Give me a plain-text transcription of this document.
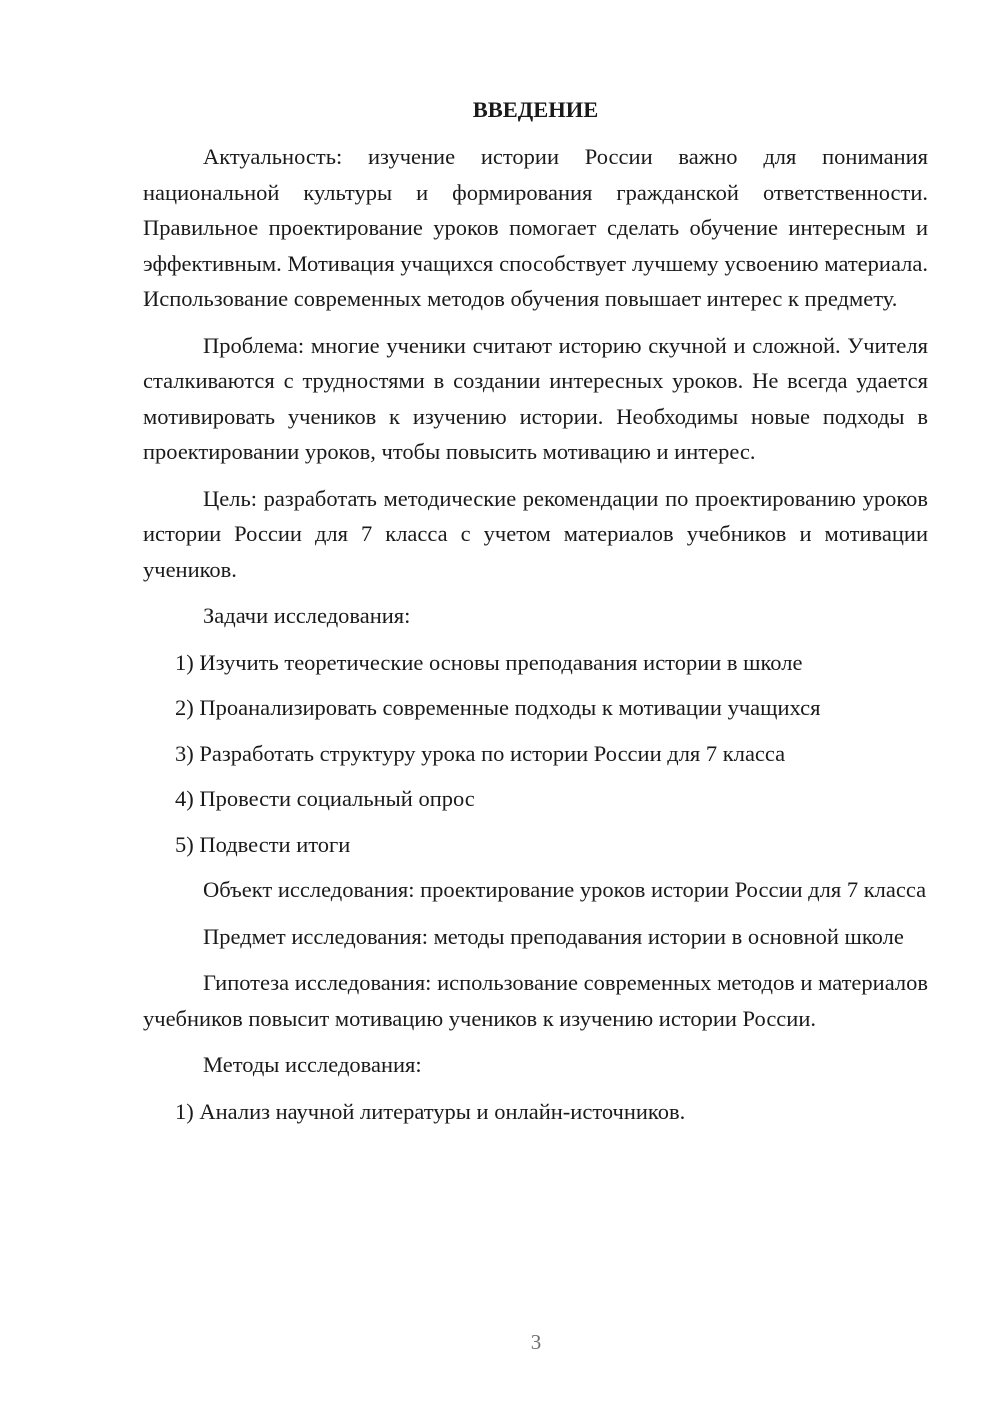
ВВЕДЕНИЕ

Актуальность: изучение истории России важно для понимания национальной культуры и формирования гражданской ответственности. Правильное проектирование уроков помогает сделать обучение интересным и эффективным. Мотивация учащихся способствует лучшему усвоению материала. Использование современных методов обучения повышает интерес к предмету.

Проблема: многие ученики считают историю скучной и сложной. Учителя сталкиваются с трудностями в создании интересных уроков. Не всегда удается мотивировать учеников к изучению истории. Необходимы новые подходы в проектировании уроков, чтобы повысить мотивацию и интерес.

Цель: разработать методические рекомендации по проектированию уроков истории России для 7 класса с учетом материалов учебников и мотивации учеников.

Задачи исследования:

1) Изучить теоретические основы преподавания истории в школе
2) Проанализировать современные подходы к мотивации учащихся
3) Разработать структуру урока по истории России для 7 класса
4) Провести социальный опрос
5) Подвести итоги

Объект исследования: проектирование уроков истории России для 7 класса

Предмет исследования: методы преподавания истории в основной школе

Гипотеза исследования: использование современных методов и материалов учебников повысит мотивацию учеников к изучению истории России.

Методы исследования:

1) Анализ научной литературы и онлайн-источников.
3
